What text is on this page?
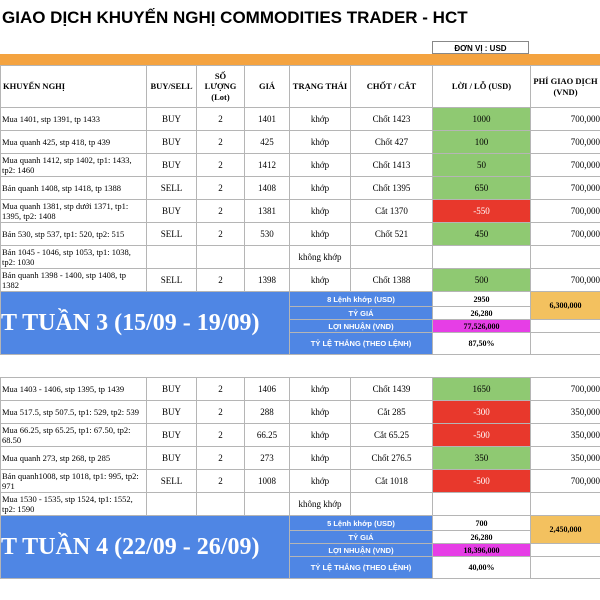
GIAO DỊCH KHUYẾN NGHỊ COMMODITIES TRADER - HCT
ĐƠN VỊ : USD
KHUYẾN NGHỊ	BUY/SELL	SỐ LƯỢNG (Lot)	GIÁ	TRẠNG THÁI	CHỐT / CẮT	LỜI / LỖ (USD)	PHÍ GIAO DỊCH (VND)
Mua 1401, stp 1391, tp 1433	BUY	2	1401	khớp	Chốt 1423	1000	700,000
Mua quanh 425, stp 418, tp 439	BUY	2	425	khớp	Chốt 427	100	700,000
Mua quanh 1412, stp 1402, tp1: 1433, tp2: 1460	BUY	2	1412	khớp	Chốt 1413	50	700,000
Bán quanh 1408, stp 1418, tp 1388	SELL	2	1408	khớp	Chốt 1395	650	700,000
Mua quanh 1381, stp dưới 1371, tp1: 1395, tp2: 1408	BUY	2	1381	khớp	Cắt 1370	-550	700,000
Bán 530, stp 537, tp1: 520, tp2: 515	SELL	2	530	khớp	Chốt 521	450	700,000
Bán 1045 - 1046, stp 1053, tp1: 1038, tp2: 1030				không khớp			
Bán quanh 1398 - 1400, stp 1408, tp 1382	SELL	2	1398	khớp	Chốt 1388	500	700,000
T TUẦN 3 (15/09 - 19/09)				8 Lệnh khớp (USD)		2950	6,300,000
				TỶ GIÁ		26,280	
				LỢI NHUẬN (VND)		77,526,000	
				TỶ LỆ THẮNG (THEO LỆNH)		87,50%	

Mua 1403 - 1406, stp 1395, tp 1439	BUY	2	1406	khớp	Chốt 1439	1650	700,000
Mua 517.5, stp 507.5, tp1: 529, tp2: 539	BUY	2	288	khớp	Cắt 285	-300	350,000
Mua 66.25, stp 65.25, tp1: 67.50, tp2: 68.50	BUY	2	66.25	khớp	Cắt 65.25	-500	350,000
Mua quanh 273, stp 268, tp 285	BUY	2	273	khớp	Chốt 276.5	350	350,000
Bán quanh1008, stp 1018, tp1: 995, tp2: 971	SELL	2	1008	khớp	Cắt 1018	-500	700,000
Mua 1530 - 1535, stp 1524, tp1: 1552, tp2: 1590				không khớp			
T TUẦN 4 (22/09 - 26/09)				5 Lệnh khớp (USD)		700	2,450,000
				TỶ GIÁ		26,280	
				LỢI NHUẬN (VND)		18,396,000	
				TỶ LỆ THẮNG (THEO LỆNH)		40,00%	
